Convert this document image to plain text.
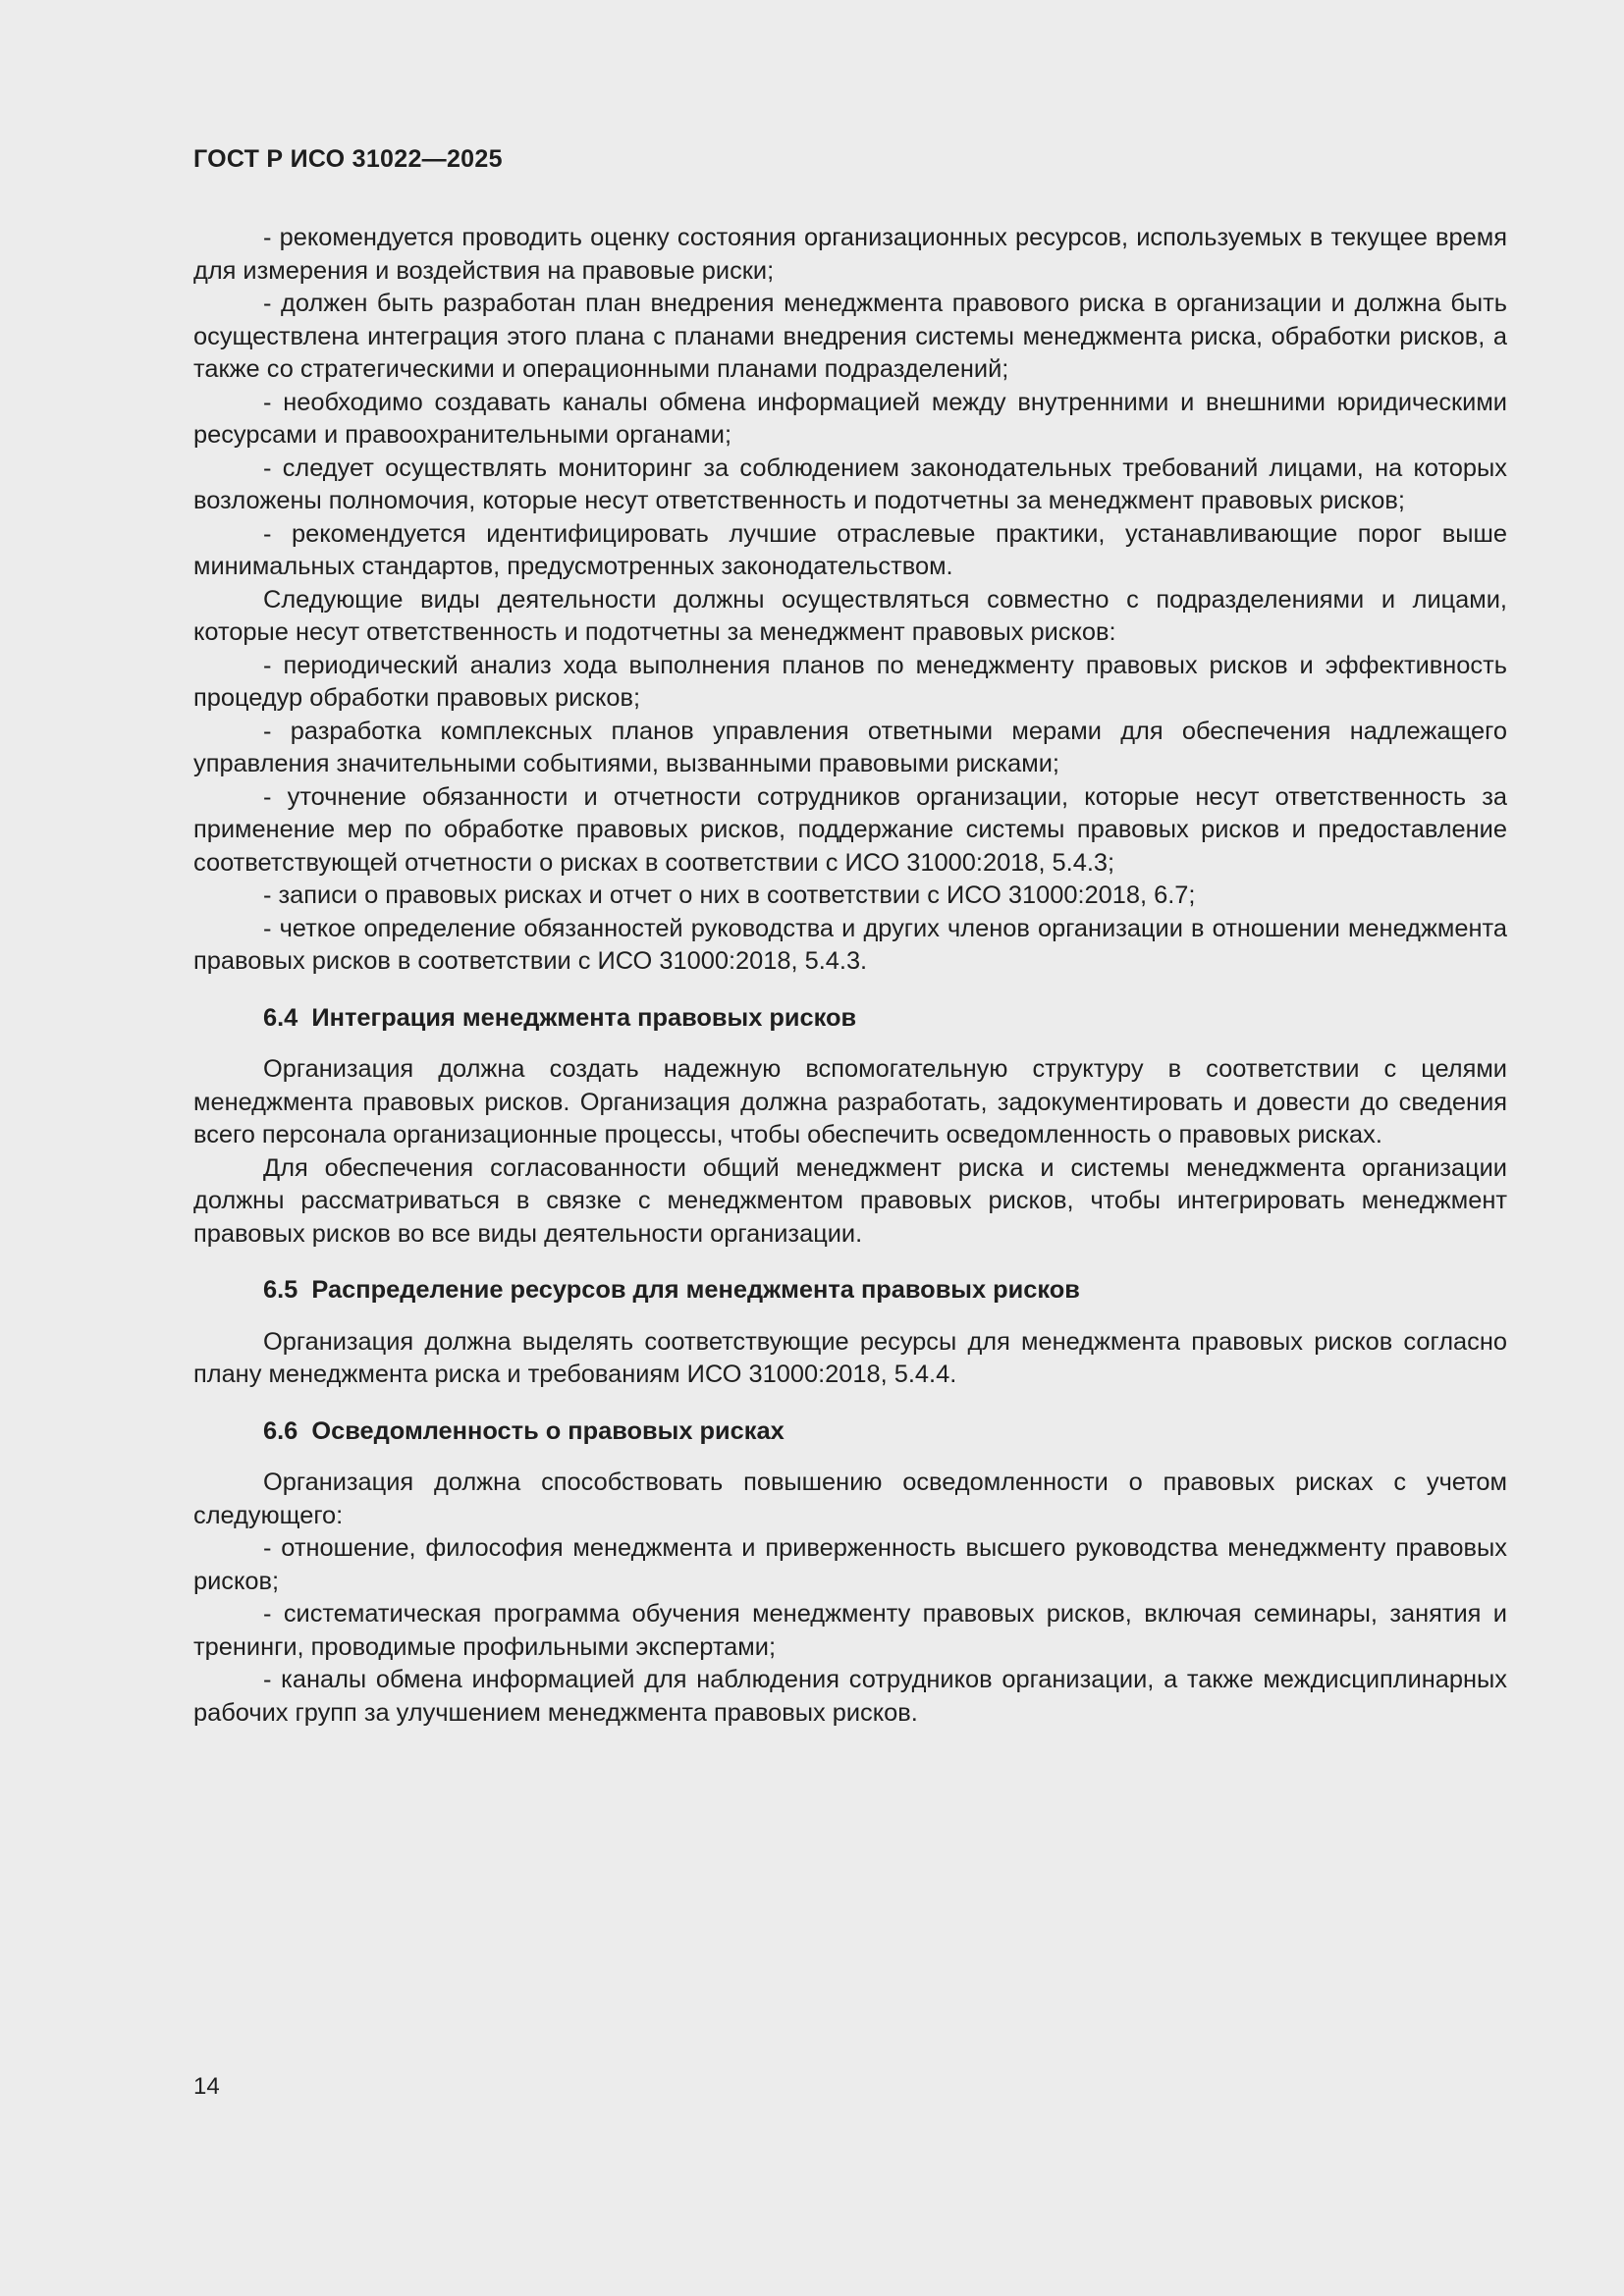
ГОСТ Р ИСО 31022—2025

- рекомендуется проводить оценку состояния организационных ресурсов, используемых в текущее время для измерения и воздействия на правовые риски;

- должен быть разработан план внедрения менеджмента правового риска в организации и должна быть осуществлена интеграция этого плана с планами внедрения системы менеджмента риска, обработки рисков, а также со стратегическими и операционными планами подразделений;

- необходимо создавать каналы обмена информацией между внутренними и внешними юридическими ресурсами и правоохранительными органами;

- следует осуществлять мониторинг за соблюдением законодательных требований лицами, на которых возложены полномочия, которые несут ответственность и подотчетны за менеджмент правовых рисков;

- рекомендуется идентифицировать лучшие отраслевые практики, устанавливающие порог выше минимальных стандартов, предусмотренных законодательством.

Следующие виды деятельности должны осуществляться совместно с подразделениями и лицами, которые несут ответственность и подотчетны за менеджмент правовых рисков:

- периодический анализ хода выполнения планов по менеджменту правовых рисков и эффективность процедур обработки правовых рисков;

- разработка комплексных планов управления ответными мерами для обеспечения надлежащего управления значительными событиями, вызванными правовыми рисками;

- уточнение обязанности и отчетности сотрудников организации, которые несут ответственность за применение мер по обработке правовых рисков, поддержание системы правовых рисков и предоставление соответствующей отчетности о рисках в соответствии с ИСО 31000:2018, 5.4.3;

- записи о правовых рисках и отчет о них в соответствии с ИСО 31000:2018, 6.7;

- четкое определение обязанностей руководства и других членов организации в отношении менеджмента правовых рисков в соответствии с ИСО 31000:2018, 5.4.3.

6.4 Интеграция менеджмента правовых рисков

Организация должна создать надежную вспомогательную структуру в соответствии с целями менеджмента правовых рисков. Организация должна разработать, задокументировать и довести до сведения всего персонала организационные процессы, чтобы обеспечить осведомленность о правовых рисках.

Для обеспечения согласованности общий менеджмент риска и системы менеджмента организации должны рассматриваться в связке с менеджментом правовых рисков, чтобы интегрировать менеджмент правовых рисков во все виды деятельности организации.

6.5 Распределение ресурсов для менеджмента правовых рисков

Организация должна выделять соответствующие ресурсы для менеджмента правовых рисков согласно плану менеджмента риска и требованиям ИСО 31000:2018, 5.4.4.

6.6 Осведомленность о правовых рисках

Организация должна способствовать повышению осведомленности о правовых рисках с учетом следующего:

- отношение, философия менеджмента и приверженность высшего руководства менеджменту правовых рисков;

- систематическая программа обучения менеджменту правовых рисков, включая семинары, занятия и тренинги, проводимые профильными экспертами;

- каналы обмена информацией для наблюдения сотрудников организации, а также междисциплинарных рабочих групп за улучшением менеджмента правовых рисков.

14
